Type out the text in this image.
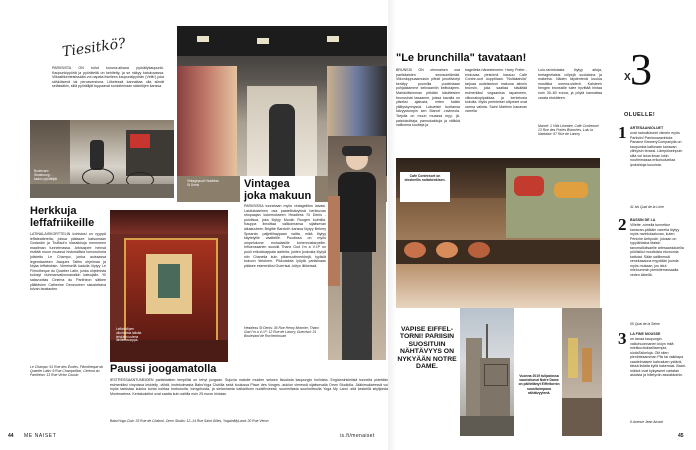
Tiesitkö?
PARIISISTA ON tullut korona-aikana pyöräilykaupunki. Kaupunkipyöriä ja pyöräteitä on kehitetty, ja se näkyy katukuvassa. Vilkasliikenteisissään voi napata itselleen kaupunkipyörän (Vélib') joka sähköisenä tai perusversiona. Liiketessä kannattaa olla silmät selässäkin, sillä pyöräilijät tuppaavat sooloilemaan sääntöjen kanssa.
Boulevard Strasbourg -kadun pyöräilijät
Herkkuja
leffafriikeille
LATINALAISKORTTELIN kohistosi on ryyppä leffateattereita, joissa päässee katsomaan Godardin ja Truffaut'n klassikkoja mennneen maailman tunnelmassa. Arkisaipee heinsä esittää muun muassa historiallisia lumonuhmia julistettu Le Champo, jonka auissassa legendaarisen Jacques Taiths ohjelmaa ja kirjaa leffaboksin. Viereisellä kadulla löytyy Le Filmotheque du Quartier Latin, jonka ohjelmista kolosyt viuhmanvallonnanalkin katsojalle. Yli satavuotias Cinema du Panthéon sätkee yllättävien Catherine Deneuveen sisustettava tolvan taustaolen.
Le Champo: 51 Rue des Écoles, Filmothèque du Quartier Latin: 9 Rue Champollion, Cinéma du Panthéon: 13 Rue Victor Cousin
Leffahollipen ulkomoista laitoita tehdään uutena lähitietosuoppa.
Vintagepuoti Headless St Denis	Vintagea
joka makuun
PARIISISSA tunnetaan myös vintageliiton laivasi. Lasitulosteinen osa pastellisävyissä herkkuvan shopaajan kokemukseen Headless St Denis -puiolissa, joka löytyy Moulin Rougen kulmilla. Kauppa ilmoittaa valikoimansa sijaitsevan alkakuuteen Brigitte Bardot'n kanssa löytyy Britney Spearsin paljettihappaan valtta, mikä löytyy käytetyille vaatteille. Puodissa on myös ompelukone muhalaisille kohennustarpeille. Influenssarien suosiki Thanx God I'm a V.I.P on puoli erikoiskappala aarteita, joiden joukosta löytyä niin Chanelia kuin pikamuotimerkkejä, tyylisiä kokoon tietoinen. Pikkutalota lyöytä pariisinaan pääsee esimerkiksi Guerrisal -kötyn liikkeissä.
Headless St Denis: 36 Rue Henry Monnier, Thanx God I'm a V.I.P: 12 Rue de Lancry, Guerrisol: 31 Boulevard de Rochechouart
Paussi joogamatolla
IESTRESSAANTUNEIDEN pariisilaisten tempiliisi on tehyt joogaan. Sujuvia matoile muiden seksen lisuuksia kaupungin huiloista. Englanninkielisiä tunneita pidetään esimerkiksi vinyoissa leskielly -viihtä, instekolmasta BaboYoga Clubilla sekä kuulussa Place des Vosges -aukion vieressä sijaitsevalla Omm Studiolla. Jääkimukkeessä voi myös tarkistaa kuinka kohta kohtaa hurbukoita, tomyphosta, ja sielannanta kaikaitturin nudsfhvieesti, suurimitasta suurimittoolla Yoga My Land -sitä keskellä sitylijoista Montmartrea. Kertakokeilut ovat saatta kuin saitilla noin 25 euron hintaan.
BaboYoga Club: 33 Rue de Chabrol, Omm Studio: 12–14 Rue Saint Gilles, YogaInMyLand: 20 Rue Véron
44 ME NAISET
"Le brunchilla" tavataan!
BRUNSSI ON olennainen osa pariisilaisten seurauielämää. Viikonloppuaamuisin pitkät jonotiiviotyt kerätyy puomilla puoleistaan pohjaistamme kelinaamiin keittolajeen. Mahdollisimman pitkään käsitteisien brunssinat tasaanne, joissa kavalla on yliseksi ajatusta, miten kaikki yllätyskynnyssä. Lukuetsin tuuttansa kävyystumpin sen Marcel -ravinnola. Tarjolla on muun muassa myy- jä-paistokuittaja, pannukakkuja ja välikkä valikoima kuoiteja ja
bagelleita hänesteineen. Harry Potter -elokuvaa yleisömä hassuu Café Contre-sort -kupplilaan. "Noitakaivila" tarjoaa uudeisinkon makuna aiinnin brunsin, joka saatiaa siisältää esimerkiksi vegaanisia tapaimeen, viikunakupipakkaa ja kerketosia kokolta. Myös perinteiset cölpeset ovat varma valinta. Saint Martinin kanavan varrella
Lulu-ravintolasta löytyy aitoja, bretagnelaisia cölpejä suolaisina ja makeina. Näden täydentenä kuulua mustikka omena-siiderit. Kahdeen hengen brunssille tulee hyvittää hintaa noin 30–60 euroa, ja pöytä kannattaa varata etukäteen.
Marcel: 1 Villa Léandre, Café Contresort: 13 Rue des Portes Blanches, Lulu la Nantaise: 67 Rue de Lancry
Café Contresort on elosteellis noitahenkisen.
VAPISE EIFFEL-TORNI! PARIISIN SUOSITUIN NÄHTÄVYYS ON NYKYÄÄN NOTRE DAME.
Vuonna 2019 tulipalossa vaurioitunut Notre Dame on päihittänyt Eiffeltornin suosituimpana nähtävyytenä.
3
X
OLUELLE!
1 ARTESAANIOLUET
ovat nainoituiseet viimein myös Pariisiin! Panimoaravintola Paname BreweryCompanylla on kaupunkia katkeaan kanavan viihtyisin terassi. Lämpöiseinpuin silta voi istua ilman lokin noutimmassa erikoisolueilaa ipokahtoja kuuoista.
41 bis Quai de la Loire
2 BASSIN DE LA
Villette -nimella tunnettun kanavan-pälkäin varrella löytyy myös ravintolaaluvan, kuten Péniche Antipodé, jolosan on rypylähtaloa iltaisin tanomalloitsaelle artesaanioluiella pöölisiksi muuttoisia ekonomia kattotat. Sään saillinessä venekasauna myydään juomia myös mukaan, jos istut mieluummin pienkiterrassaalla veden äärellä.
55 Quai de la Seine
3 LA FINE MOUSSE
on tanaa kaupungin valkohuonnanen kioyn mitä mielikuvituksellisempia oluitaTaikeluja. Olit siten pienihtesamman Pils tai vaikkapa vaadelmaisen kahvaluen ystävä, tässä listalta kyllä hakemasi. Baari-mikkot ovat kykyaseet vartatan asioista ja hiiletyviin assiakkoinin.
6 Avenue Jean Aicard
is.fi/menaiset	45
